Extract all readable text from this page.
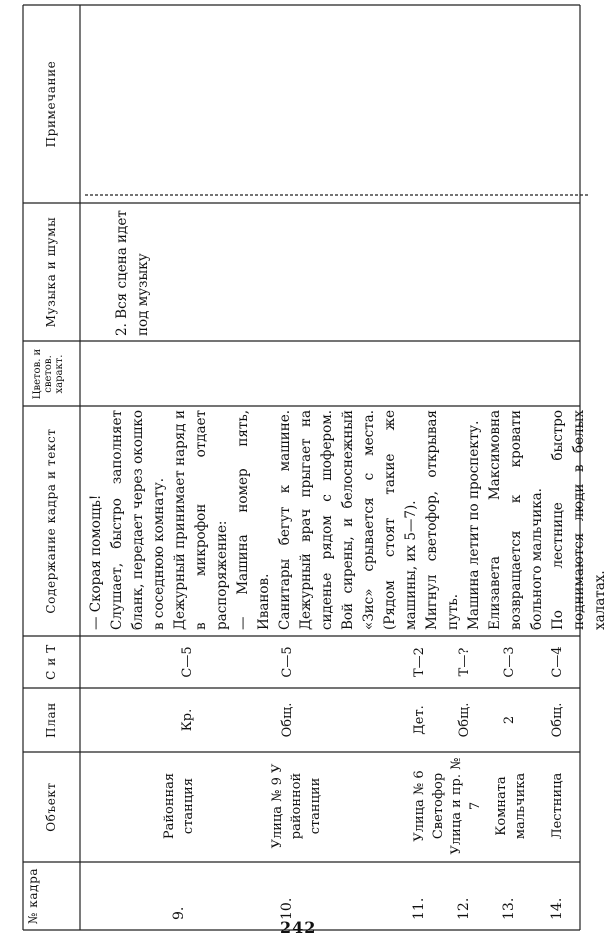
№ кадра
Объект
План
С и Т
Содержание кадра и текст
Цветов. и светов. характ.
Музыка и шумы
Примечание
9.
Районная станция
Кр.
С—5
10.
Улица № 9 У районной станции
Общ.
С—5
11.
Улица № 6 Светофор
Дет.
Т—2
12.
Улица и пр. № 7
Общ.
Т—?
13.
Комната мальчика
2
С—3
14.
Лестница
Общ.
С—4
— Скорая помощь!
Слушает, быстро заполняет бланк, передает через окошко в соседнюю комнату.
Дежурный принимает наряд и в микрофон отдает распоряжение:
— Машина номер пять, Иванов.
Санитары бегут к машине. Дежурный врач прыгает на сиденье рядом с шофером. Вой сирены, и белоснежный «Зис» срывается с места. (Рядом стоят такие же машины, их 5—7).
Мигнул светофор, открывая путь.
Машина летит по проспекту.
Елизавета Максимовна возвращается к кровати больного мальчика.
По лестнице быстро поднимаются люди в белых халатах.
2. Вся сцена идет под музыку
242
